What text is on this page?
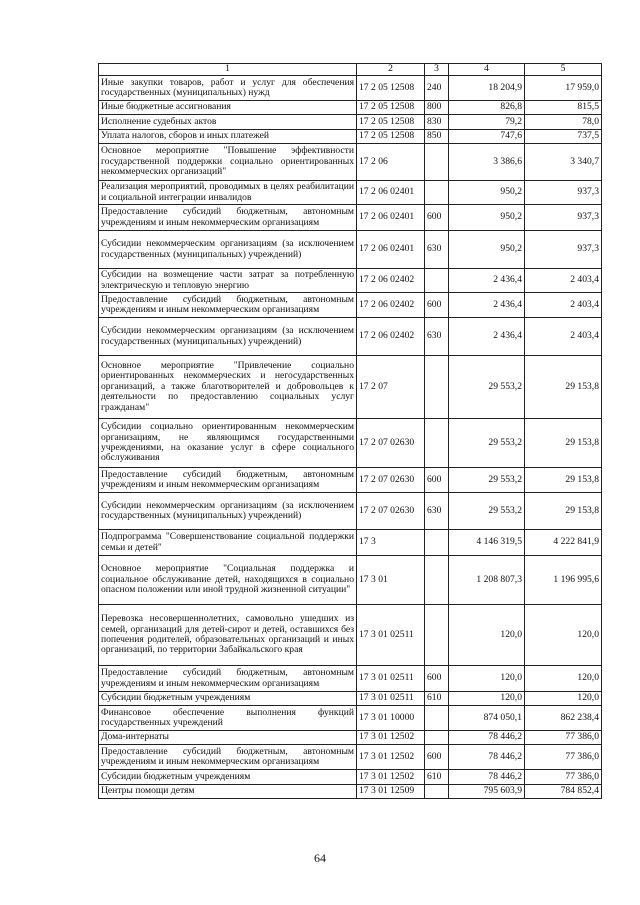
1	2	3	4	5
Иные закупки товаров, работ и услуг для обеспечения государственных (муниципальных) нужд	17 2 05 12508	240	18 204,9	17 959,0
Иные бюджетные ассигнования	17 2 05 12508	800	826,8	815,5
Исполнение судебных актов	17 2 05 12508	830	79,2	78,0
Уплата налогов, сборов и иных платежей	17 2 05 12508	850	747,6	737,5
Основное мероприятие "Повышение эффективности государственной поддержки социально ориентированных некоммерческих организаций"	17 2 06		3 386,6	3 340,7
Реализация мероприятий, проводимых в целях реабилитации и социальной интеграции инвалидов	17 2 06 02401		950,2	937,3
Предоставление субсидий бюджетным, автономным учреждениям и иным некоммерческим организациям	17 2 06 02401	600	950,2	937,3
Субсидии некоммерческим организациям (за исключением государственных (муниципальных) учреждений)	17 2 06 02401	630	950,2	937,3
Субсидии на возмещение части затрат за потребленную электрическую и тепловую энергию	17 2 06 02402		2 436,4	2 403,4
Предоставление субсидий бюджетным, автономным учреждениям и иным некоммерческим организациям	17 2 06 02402	600	2 436,4	2 403,4
Субсидии некоммерческим организациям (за исключением государственных (муниципальных) учреждений)	17 2 06 02402	630	2 436,4	2 403,4
Основное мероприятие "Привлечение социально ориентированных некоммерческих и негосударственных организаций, а также благотворителей и добровольцев к деятельности по предоставлению социальных услуг гражданам"	17 2 07		29 553,2	29 153,8
Субсидии социально ориентированным некоммерческим организациям, не являющимся государственными учреждениями, на оказание услуг в сфере социального обслуживания	17 2 07 02630		29 553,2	29 153,8
Предоставление субсидий бюджетным, автономным учреждениям и иным некоммерческим организациям	17 2 07 02630	600	29 553,2	29 153,8
Субсидии некоммерческим организациям (за исключением государственных (муниципальных) учреждений)	17 2 07 02630	630	29 553,2	29 153,8
Подпрограмма "Совершенствование социальной поддержки семьи и детей"	17 3		4 146 319,5	4 222 841,9
Основное мероприятие "Социальная поддержка и социальное обслуживание детей, находящихся в социально опасном положении или иной трудной жизненной ситуации"	17 3 01		1 208 807,3	1 196 995,6
Перевозка несовершеннолетних, самовольно ушедших из семей, организаций для детей-сирот и детей, оставшихся без попечения родителей, образовательных организаций и иных организаций, по территории Забайкальского края	17 3 01 02511		120,0	120,0
Предоставление субсидий бюджетным, автономным учреждениям и иным некоммерческим организациям	17 3 01 02511	600	120,0	120,0
Субсидии бюджетным учреждениям	17 3 01 02511	610	120,0	120,0
Финансовое обеспечение выполнения функций государственных учреждений	17 3 01 10000		874 050,1	862 238,4
Дома-интернаты	17 3 01 12502		78 446,2	77 386,0
Предоставление субсидий бюджетным, автономным учреждениям и иным некоммерческим организациям	17 3 01 12502	600	78 446,2	77 386,0
Субсидии бюджетным учреждениям	17 3 01 12502	610	78 446,2	77 386,0
Центры помощи детям	17 3 01 12509		795 603,9	784 852,4
64
